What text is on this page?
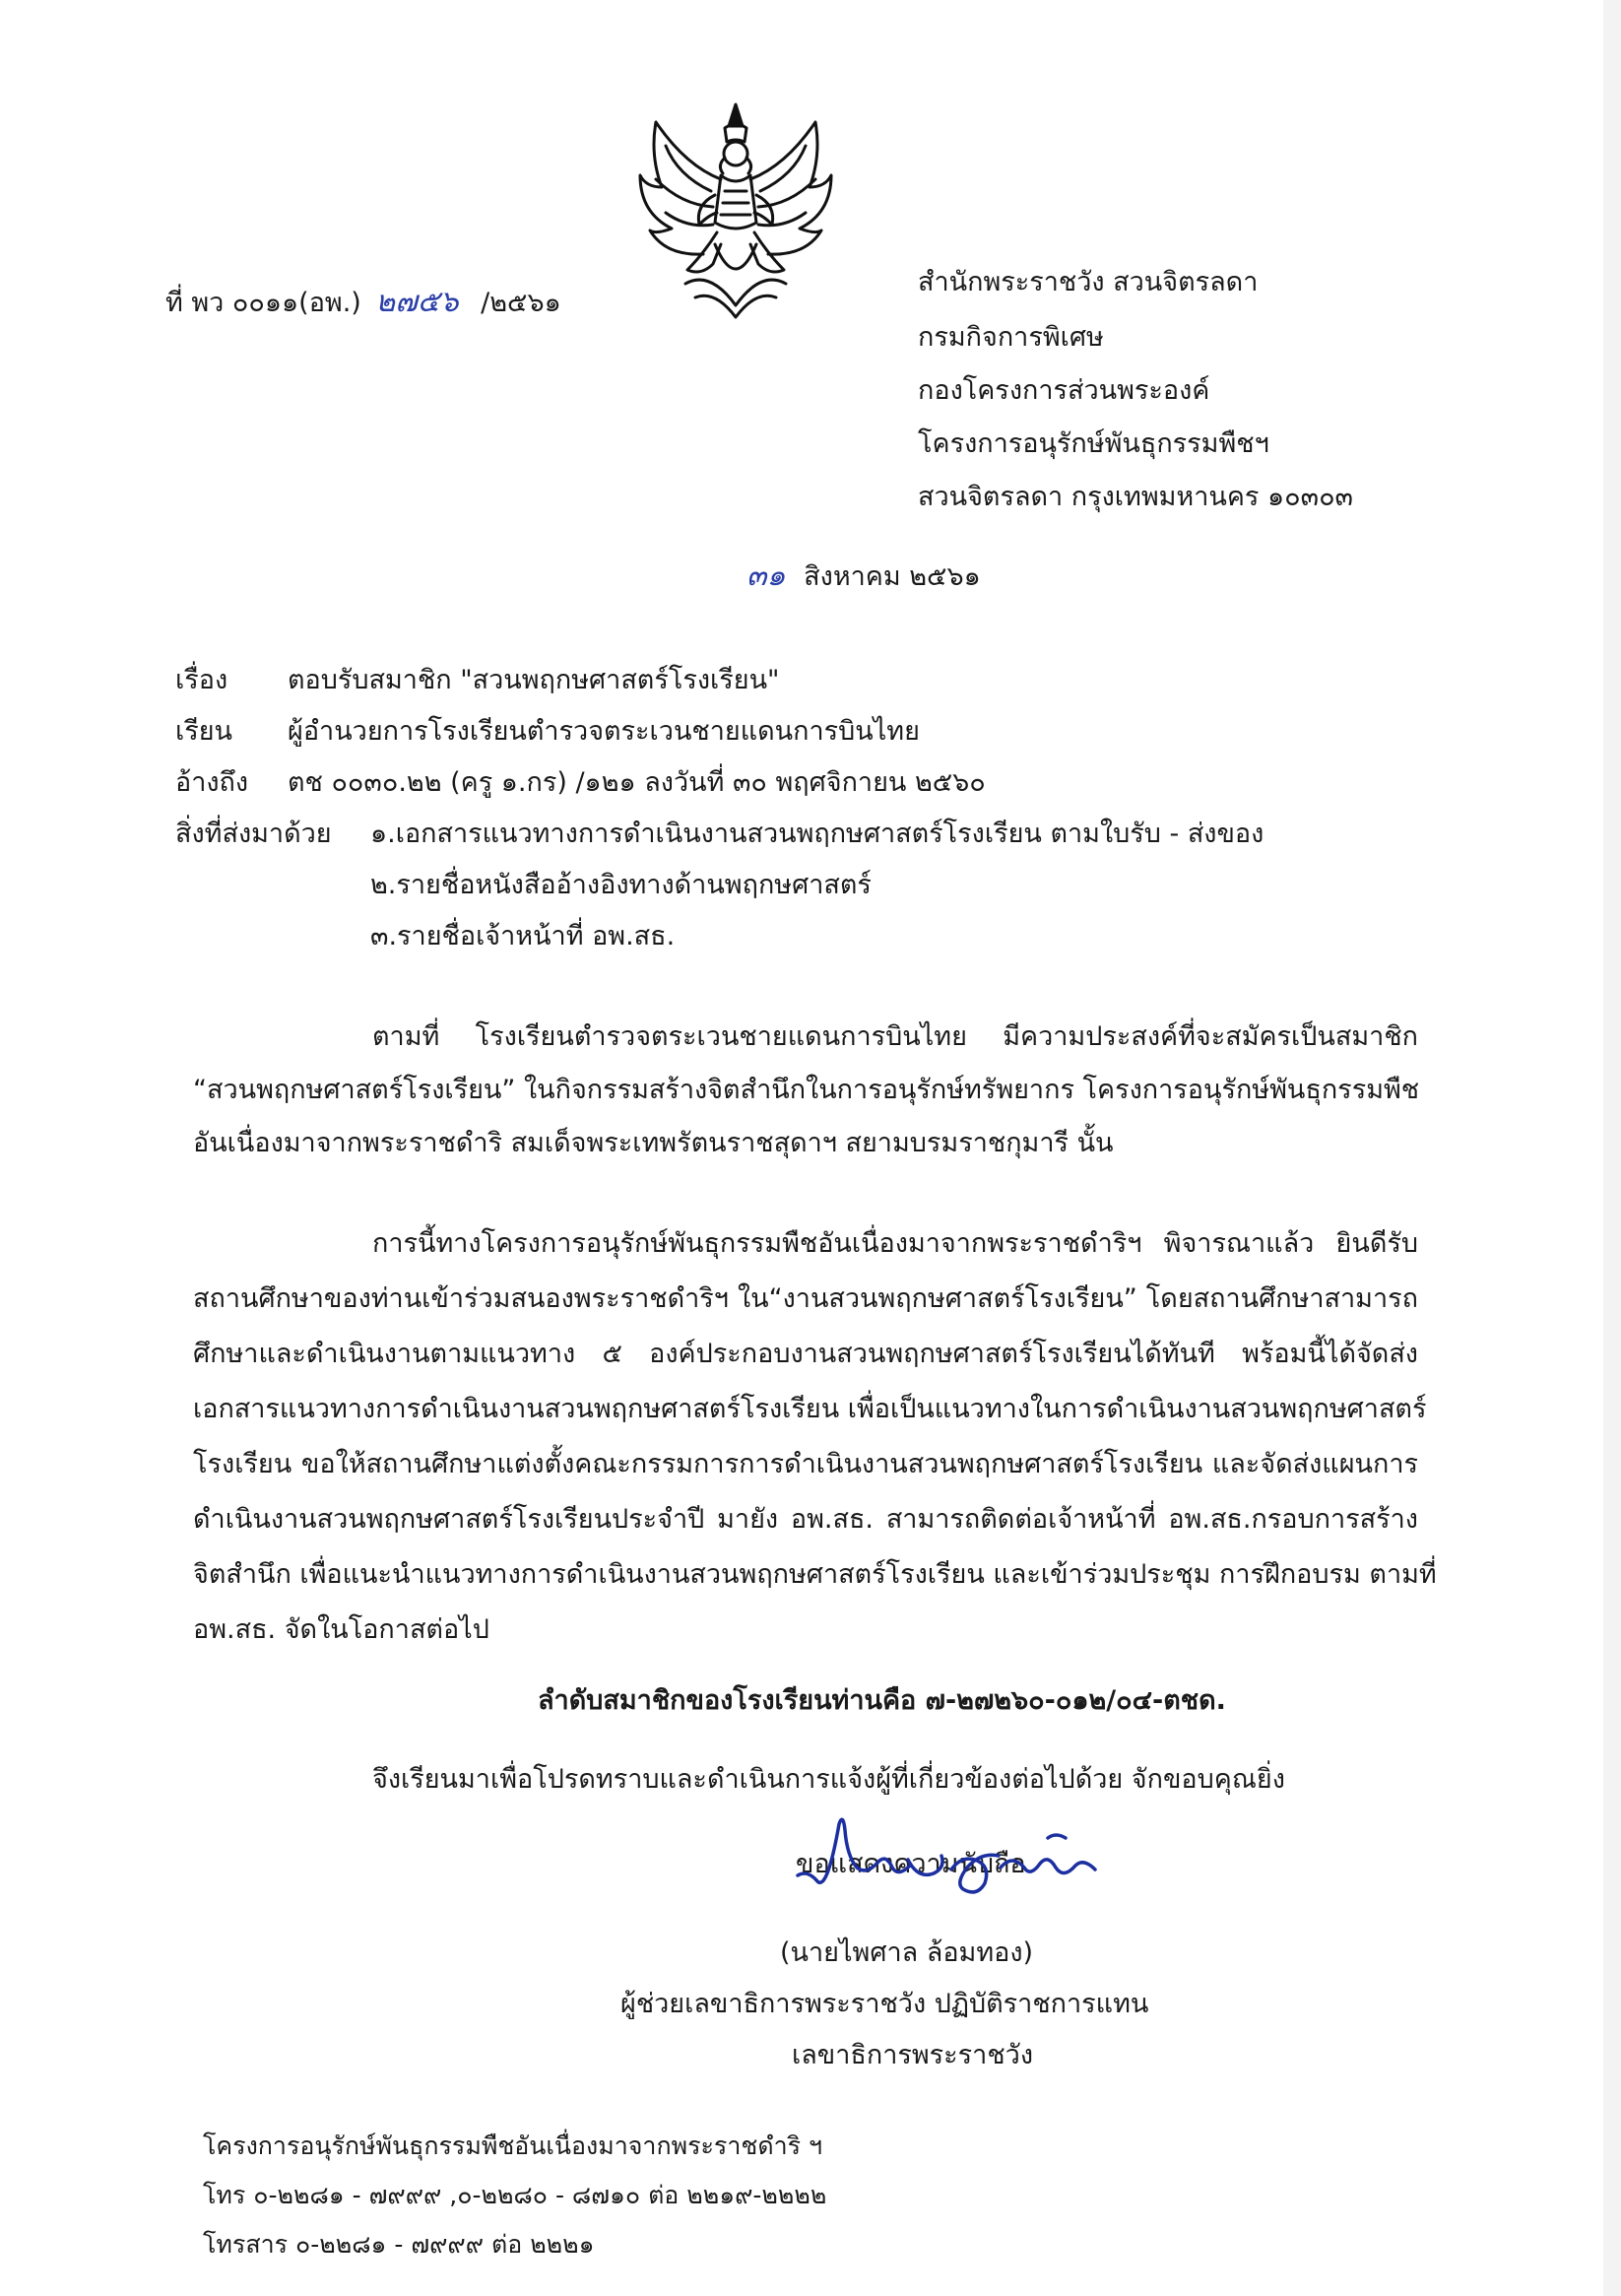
ที่ พว ๐๐๑๑(อพ.) ๒๗๕๖ /๒๕๖๑
สำนักพระราชวัง สวนจิตรลดา
กรมกิจการพิเศษ
กองโครงการส่วนพระองค์
โครงการอนุรักษ์พันธุกรรมพืชฯ
สวนจิตรลดา กรุงเทพมหานคร ๑๐๓๐๓
๓๑ สิงหาคม ๒๕๖๑
เรื่อง ตอบรับสมาชิก "สวนพฤกษศาสตร์โรงเรียน"
เรียน ผู้อำนวยการโรงเรียนตำรวจตระเวนชายแดนการบินไทย
อ้างถึง ตช ๐๐๓๐.๒๒ (ครู ๑.กร) /๑๒๑ ลงวันที่ ๓๐ พฤศจิกายน ๒๕๖๐
สิ่งที่ส่งมาด้วย ๑.เอกสารแนวทางการดำเนินงานสวนพฤกษศาสตร์โรงเรียน ตามใบรับ - ส่งของ
๒.รายชื่อหนังสืออ้างอิงทางด้านพฤกษศาสตร์
๓.รายชื่อเจ้าหน้าที่ อพ.สธ.
ตามที่ โรงเรียนตำรวจตระเวนชายแดนการบินไทย มีความประสงค์ที่จะสมัครเป็นสมาชิก
“สวนพฤกษศาสตร์โรงเรียน” ในกิจกรรมสร้างจิตสำนึกในการอนุรักษ์ทรัพยากร โครงการอนุรักษ์พันธุกรรมพืช
อันเนื่องมาจากพระราชดำริ สมเด็จพระเทพรัตนราชสุดาฯ สยามบรมราชกุมารี นั้น
การนี้ทางโครงการอนุรักษ์พันธุกรรมพืชอันเนื่องมาจากพระราชดำริฯ พิจารณาแล้ว ยินดีรับ
สถานศึกษาของท่านเข้าร่วมสนองพระราชดำริฯ ใน“งานสวนพฤกษศาสตร์โรงเรียน” โดยสถานศึกษาสามารถ
ศึกษาและดำเนินงานตามแนวทาง ๕ องค์ประกอบงานสวนพฤกษศาสตร์โรงเรียนได้ทันที พร้อมนี้ได้จัดส่ง
เอกสารแนวทางการดำเนินงานสวนพฤกษศาสตร์โรงเรียน เพื่อเป็นแนวทางในการดำเนินงานสวนพฤกษศาสตร์
โรงเรียน ขอให้สถานศึกษาแต่งตั้งคณะกรรมการการดำเนินงานสวนพฤกษศาสตร์โรงเรียน และจัดส่งแผนการ
ดำเนินงานสวนพฤกษศาสตร์โรงเรียนประจำปี มายัง อพ.สธ. สามารถติดต่อเจ้าหน้าที่ อพ.สธ.กรอบการสร้าง
จิตสำนึก เพื่อแนะนำแนวทางการดำเนินงานสวนพฤกษศาสตร์โรงเรียน และเข้าร่วมประชุม การฝึกอบรม ตามที่
อพ.สธ. จัดในโอกาสต่อไป
ลำดับสมาชิกของโรงเรียนท่านคือ ๗-๒๗๒๖๐-๐๑๒/๐๔-ตชด.
จึงเรียนมาเพื่อโปรดทราบและดำเนินการแจ้งผู้ที่เกี่ยวข้องต่อไปด้วย จักขอบคุณยิ่ง
ขอแสดงความนับถือ
(นายไพศาล ล้อมทอง)
ผู้ช่วยเลขาธิการพระราชวัง ปฏิบัติราชการแทน
เลขาธิการพระราชวัง
โครงการอนุรักษ์พันธุกรรมพืชอันเนื่องมาจากพระราชดำริ ฯ
โทร ๐-๒๒๘๑ - ๗๙๙๙ ,๐-๒๒๘๐ - ๘๗๑๐ ต่อ ๒๒๑๙-๒๒๒๒
โทรสาร ๐-๒๒๘๑ - ๗๙๙๙ ต่อ ๒๒๒๑
